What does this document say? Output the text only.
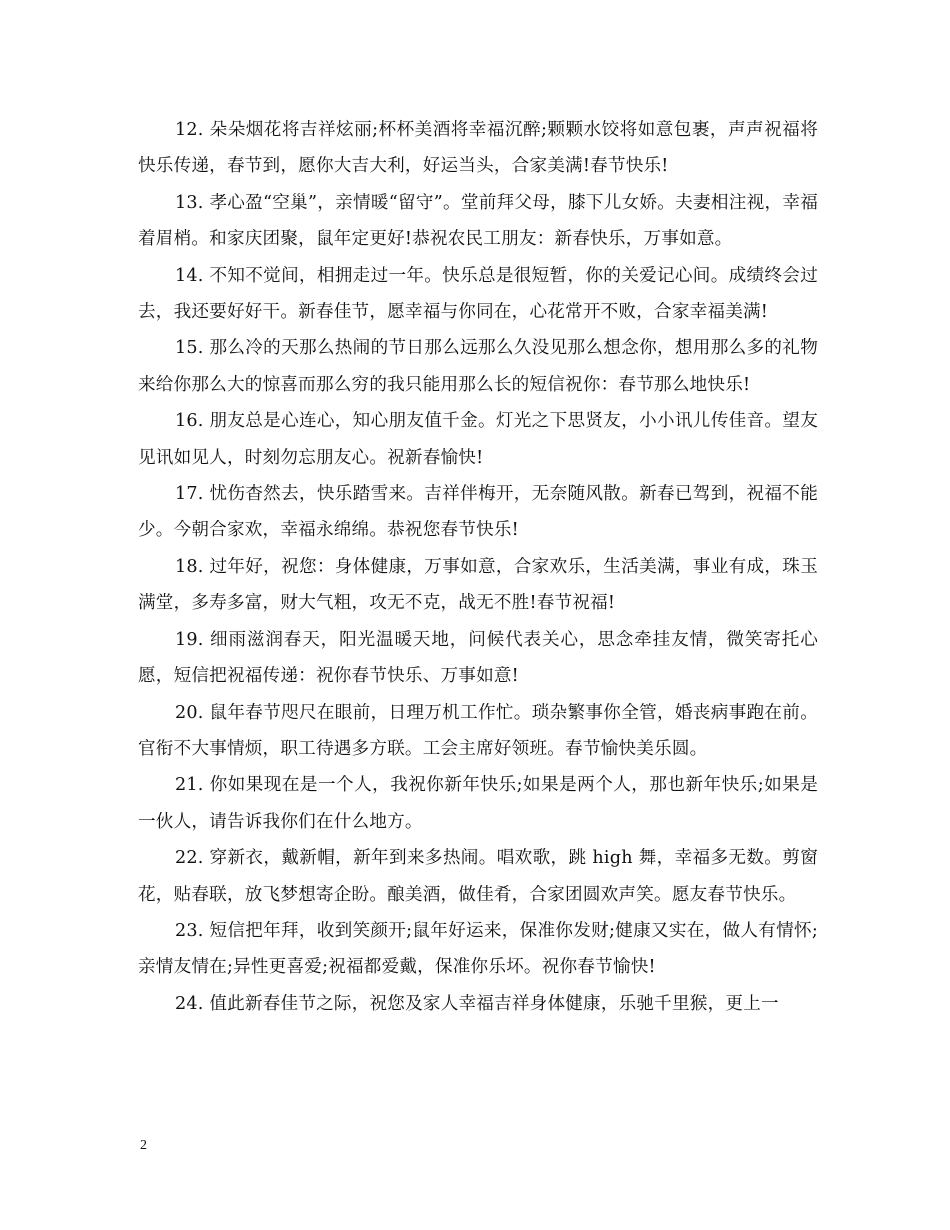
12. 朵朵烟花将吉祥炫丽;杯杯美酒将幸福沉醉;颗颗水饺将如意包裹，声声祝福将快乐传递，春节到，愿你大吉大利，好运当头，合家美满!春节快乐!

13. 孝心盈“空巢”，亲情暖“留守”。堂前拜父母，膝下儿女娇。夫妻相注视，幸福着眉梢。和家庆团聚，鼠年定更好!恭祝农民工朋友：新春快乐，万事如意。

14. 不知不觉间，相拥走过一年。快乐总是很短暂，你的关爱记心间。成绩终会过去，我还要好好干。新春佳节，愿幸福与你同在，心花常开不败，合家幸福美满!

15. 那么冷的天那么热闹的节日那么远那么久没见那么想念你，想用那么多的礼物来给你那么大的惊喜而那么穷的我只能用那么长的短信祝你：春节那么地快乐!

16. 朋友总是心连心，知心朋友值千金。灯光之下思贤友，小小讯儿传佳音。望友见讯如见人，时刻勿忘朋友心。祝新春愉快!

17. 忧伤杳然去，快乐踏雪来。吉祥伴梅开，无奈随风散。新春已驾到，祝福不能少。今朝合家欢，幸福永绵绵。恭祝您春节快乐!

18. 过年好，祝您：身体健康，万事如意，合家欢乐，生活美满，事业有成，珠玉满堂，多寿多富，财大气粗，攻无不克，战无不胜!春节祝福!

19. 细雨滋润春天，阳光温暖天地，问候代表关心，思念牵挂友情，微笑寄托心愿，短信把祝福传递：祝你春节快乐、万事如意!

20. 鼠年春节咫尺在眼前，日理万机工作忙。琐杂繁事你全管，婚丧病事跑在前。官衔不大事情烦，职工待遇多方联。工会主席好领班。春节愉快美乐圆。

21. 你如果现在是一个人，我祝你新年快乐;如果是两个人，那也新年快乐;如果是一伙人，请告诉我你们在什么地方。

22. 穿新衣，戴新帽，新年到来多热闹。唱欢歌，跳 high 舞，幸福多无数。剪窗花，贴春联，放飞梦想寄企盼。酿美酒，做佳肴，合家团圆欢声笑。愿友春节快乐。

23. 短信把年拜，收到笑颜开;鼠年好运来，保准你发财;健康又实在，做人有情怀;亲情友情在;异性更喜爱;祝福都爱戴，保准你乐坏。祝你春节愉快!

24. 值此新春佳节之际，祝您及家人幸福吉祥身体健康，乐驰千里猴，更上一

2
